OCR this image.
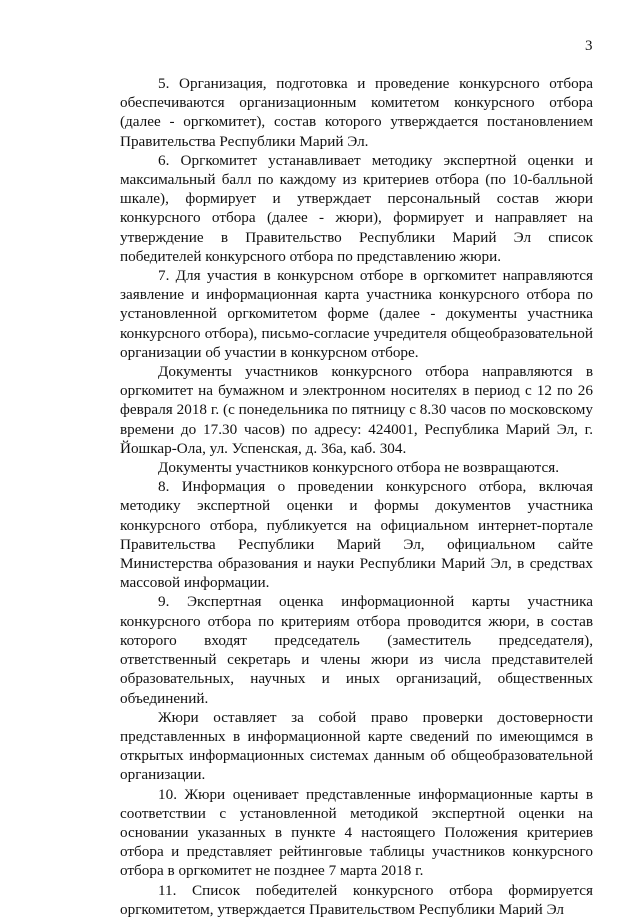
3

5. Организация, подготовка и проведение конкурсного отбора обеспечиваются организационным комитетом конкурсного отбора (далее - оргкомитет), состав которого утверждается постановлением Правительства Республики Марий Эл.

6. Оргкомитет устанавливает методику экспертной оценки и максимальный балл по каждому из критериев отбора (по 10-балльной шкале), формирует и утверждает персональный состав жюри конкурсного отбора (далее - жюри), формирует и направляет на утверждение в Правительство Республики Марий Эл список победителей конкурсного отбора по представлению жюри.

7. Для участия в конкурсном отборе в оргкомитет направляются заявление и информационная карта участника конкурсного отбора по установленной оргкомитетом форме (далее - документы участника конкурсного отбора), письмо-согласие учредителя общеобразовательной организации об участии в конкурсном отборе.

Документы участников конкурсного отбора направляются в оргкомитет на бумажном и электронном носителях в период с 12 по 26 февраля 2018 г. (с понедельника по пятницу с 8.30 часов по московскому времени до 17.30 часов) по адресу: 424001, Республика Марий Эл, г. Йошкар-Ола, ул. Успенская, д. 36а, каб. 304.

Документы участников конкурсного отбора не возвращаются.

8. Информация о проведении конкурсного отбора, включая методику экспертной оценки и формы документов участника конкурсного отбора, публикуется на официальном интернет-портале Правительства Республики Марий Эл, официальном сайте Министерства образования и науки Республики Марий Эл, в средствах массовой информации.

9. Экспертная оценка информационной карты участника конкурсного отбора по критериям отбора проводится жюри, в состав которого входят председатель (заместитель председателя), ответственный секретарь и члены жюри из числа представителей образовательных, научных и иных организаций, общественных объединений.

Жюри оставляет за собой право проверки достоверности представленных в информационной карте сведений по имеющимся в открытых информационных системах данным об общеобразовательной организации.

10. Жюри оценивает представленные информационные карты в соответствии с установленной методикой экспертной оценки на основании указанных в пункте 4 настоящего Положения критериев отбора и представляет рейтинговые таблицы участников конкурсного отбора в оргкомитет не позднее 7 марта 2018 г.

11. Список победителей конкурсного отбора формируется оргкомитетом, утверждается Правительством Республики Марий Эл
